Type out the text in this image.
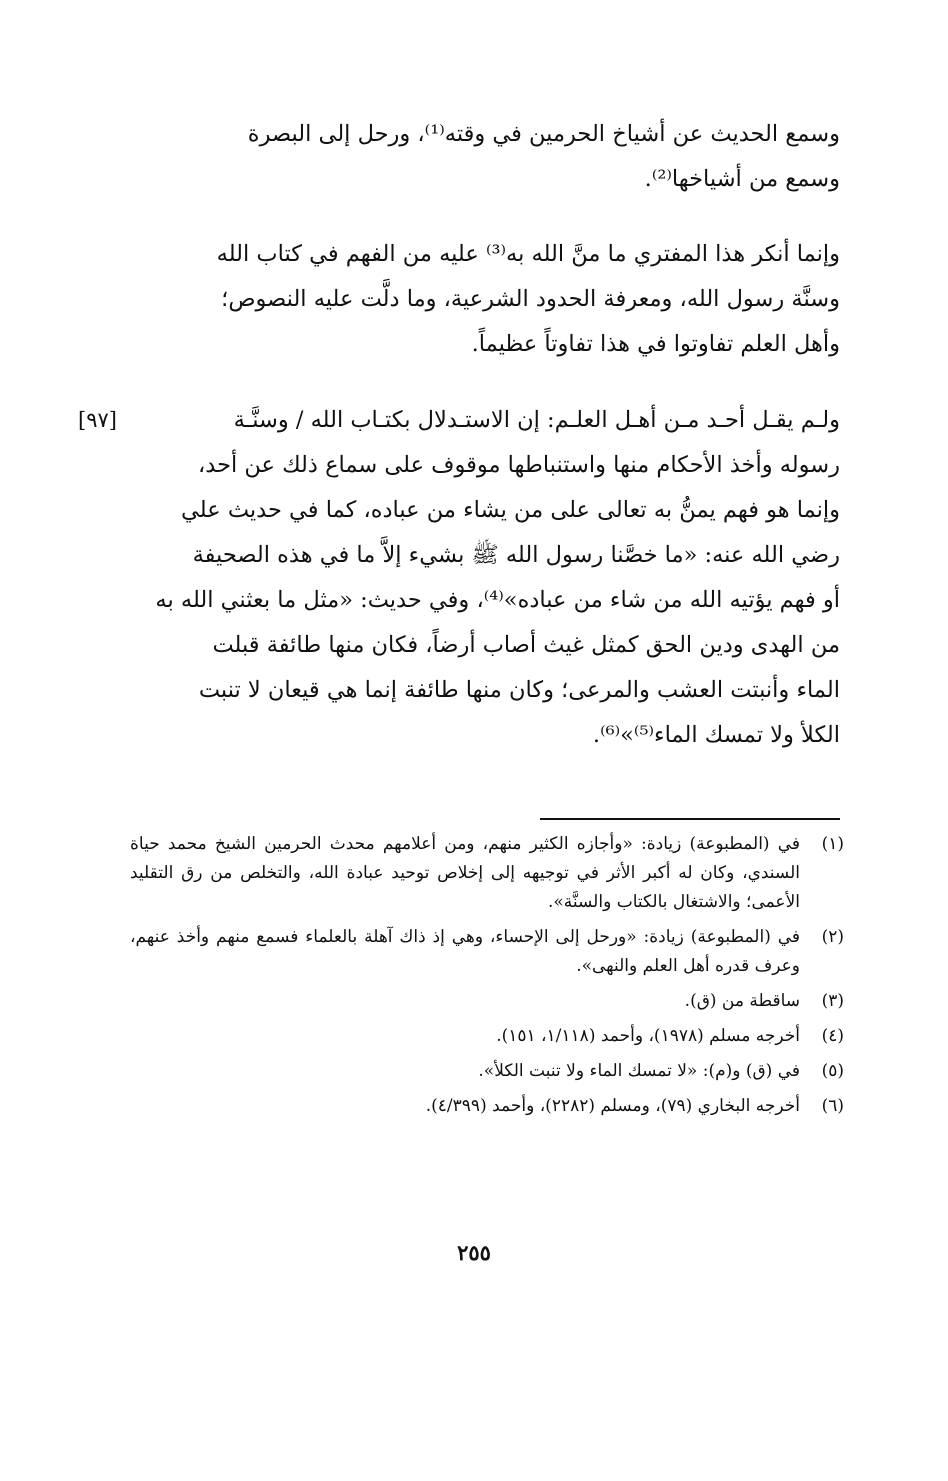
وسمع الحديث عن أشياخ الحرمين في وقته⁽¹⁾، ورحل إلى البصرة
وسمع من أشياخها⁽²⁾.

وإنما أنكر هذا المفتري ما منَّ الله به⁽³⁾ عليه من الفهم في كتاب الله
وسنَّة رسول الله، ومعرفة الحدود الشرعية، وما دلَّت عليه النصوص؛
وأهل العلم تفاوتوا في هذا تفاوتاً عظيماً.

[٩٧]	ولـم يقـل أحـد مـن أهـل العلـم: إن الاستـدلال بكتـاب الله / وسنَّـة
رسوله وأخذ الأحكام منها واستنباطها موقوف على سماع ذلك عن أحد،
وإنما هو فهم يمنُّ به تعالى على من يشاء من عباده، كما في حديث علي
رضي الله عنه: «ما خصَّنا رسول الله ﷺ بشيء إلاَّ ما في هذه الصحيفة
أو فهم يؤتيه الله من شاء من عباده»⁽⁴⁾، وفي حديث: «مثل ما بعثني الله به
من الهدى ودين الحق كمثل غيث أصاب أرضاً، فكان منها طائفة قبلت
الماء وأنبتت العشب والمرعى؛ وكان منها طائفة إنما هي قيعان لا تنبت
الكلأ ولا تمسك الماء⁽⁵⁾»⁽⁶⁾.

(١)
في (المطبوعة) زيادة: «وأجازه الكثير منهم، ومن أعلامهم محدث الحرمين الشيخ محمد حياة السندي، وكان له أكبر الأثر في توجيهه إلى إخلاص توحيد عبادة الله، والتخلص من رق التقليد الأعمى؛ والاشتغال بالكتاب والسنَّة».
(٢)
في (المطبوعة) زيادة: «ورحل إلى الإحساء، وهي إذ ذاك آهلة بالعلماء فسمع منهم وأخذ عنهم، وعرف قدره أهل العلم والنهى».
(٣)
ساقطة من (ق).
(٤)
أخرجه مسلم (١٩٧٨)، وأحمد (١/١١٨، ١٥١).
(٥)
في (ق) و(م): «لا تمسك الماء ولا تنبت الكلأ».
(٦)
أخرجه البخاري (٧٩)، ومسلم (٢٢٨٢)، وأحمد (٤/٣٩٩).
٢٥٥
